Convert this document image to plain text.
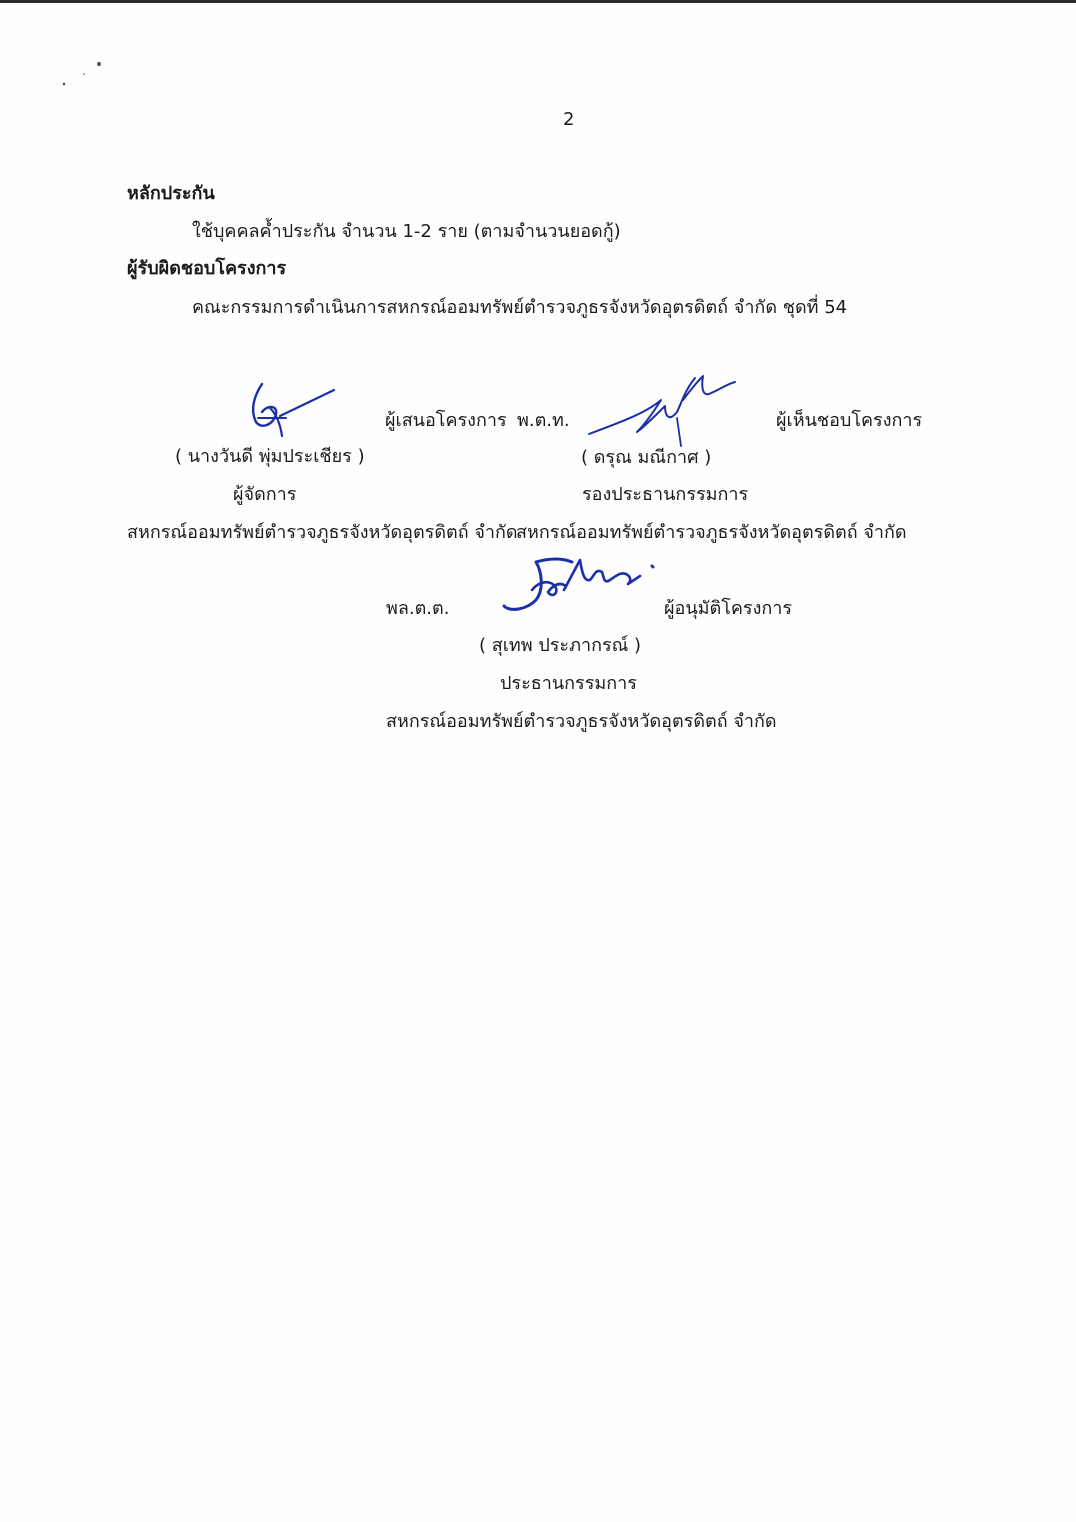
2
หลักประกัน
ใช้บุคคลค้ำประกัน จำนวน 1-2 ราย (ตามจำนวนยอดกู้)
ผู้รับผิดชอบโครงการ
คณะกรรมการดำเนินการสหกรณ์ออมทรัพย์ตำรวจภูธรจังหวัดอุตรดิตถ์ จำกัด ชุดที่ 54
ผู้เสนอโครงการ
( นางวันดี พุ่มประเชียร )
ผู้จัดการ
สหกรณ์ออมทรัพย์ตำรวจภูธรจังหวัดอุตรดิตถ์ จำกัด
พ.ต.ท.	ผู้เห็นชอบโครงการ
( ดรุณ มณีกาศ )
รองประธานกรรมการ
สหกรณ์ออมทรัพย์ตำรวจภูธรจังหวัดอุตรดิตถ์ จำกัด
พล.ต.ต.	ผู้อนุมัติโครงการ
( สุเทพ ประภากรณ์ )
ประธานกรรมการ
สหกรณ์ออมทรัพย์ตำรวจภูธรจังหวัดอุตรดิตถ์ จำกัด
